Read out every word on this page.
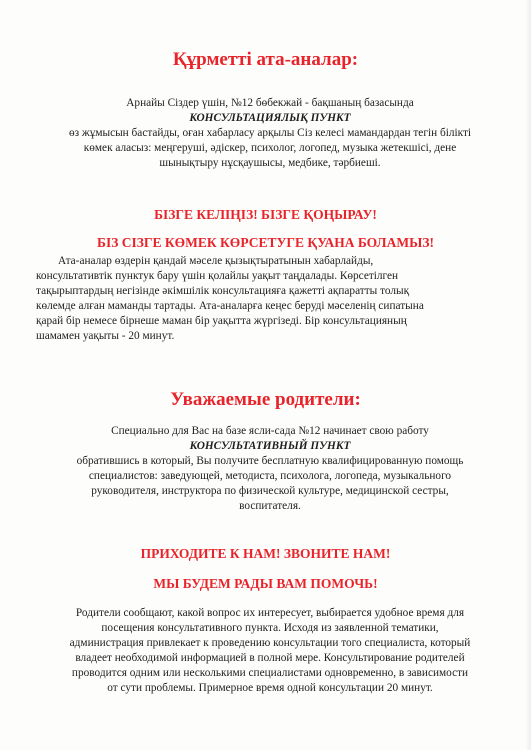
Құрметті ата-аналар:
Арнайы Сіздер үшін, №12 бөбекжай - бақшаның базасында
КОНСУЛЬТАЦИЯЛЫҚ ПУНКТ
өз жұмысын бастайды, оған хабарласу арқылы Сіз келесі мамандардан тегін білікті
көмек аласыз: меңгеруші, әдіскер, психолог, логопед, музыка жетекшісі, дене
шынықтыру нұсқаушысы, медбике, тәрбиеші.
БІЗГЕ КЕЛІҢІЗ! БІЗГЕ ҚОҢЫРАУ!
БІЗ СІЗГЕ КӨМЕК КӨРСЕТУГЕ ҚУАНА БОЛАМЫЗ!
Ата-аналар өздерін қандай мәселе қызықтыратынын хабарлайды,
консультативтік пунктук бару үшін қолайлы уақыт таңдалады. Көрсетілген
тақырыптардың негізінде әкімшілік консультацияға қажетті ақпаратты толық
көлемде алған маманды тартады. Ата-аналарға кеңес беруді мәселенің сипатына
қарай бір немесе бірнеше маман бір уақытта жүргізеді. Бір консультацияның
шамамен уақыты - 20 минут.
Уважаемые родители:
Специально для Вас на базе ясли-сада №12 начинает свою работу
КОНСУЛЬТАТИВНЫЙ ПУНКТ
обратившись в который, Вы получите бесплатную квалифицированную помощь
специалистов: заведующей, методиста, психолога, логопеда, музыкального
руководителя, инструктора по физической культуре, медицинской сестры,
воспитателя.
ПРИХОДИТЕ К НАМ! ЗВОНИТЕ НАМ!
МЫ БУДЕМ РАДЫ ВАМ ПОМОЧЬ!
Родители сообщают, какой вопрос их интересует, выбирается удобное время для
посещения консультативного пункта. Исходя из заявленной тематики,
администрация привлекает к проведению консультации того специалиста, который
владеет необходимой информацией в полной мере. Консультирование родителей
проводится одним или несколькими специалистами одновременно, в зависимости
от сути проблемы. Примерное время одной консультации 20 минут.
